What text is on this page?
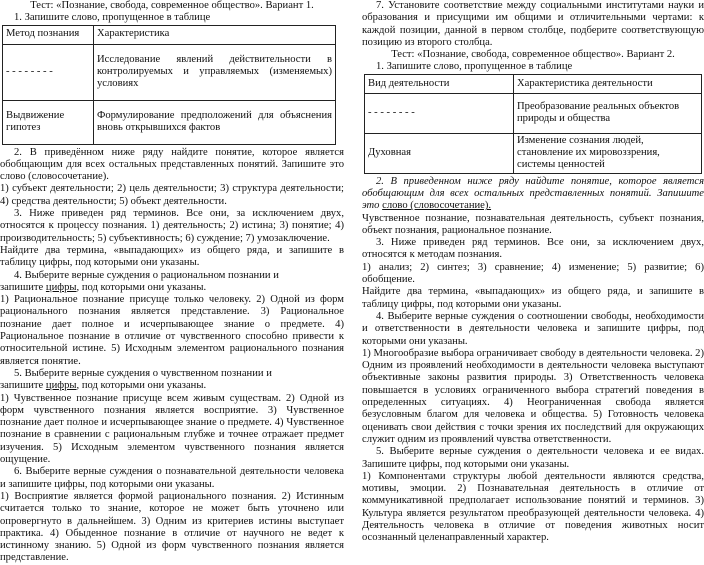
Тест: «Познание, свобода, современное общество». Вариант 1.

1. Запишите слово, пропущенное в таблице

Метод познания	Характеристика
- - - - - - - -	Исследование явлений действительности в контролируемых и управляемых (изменяемых) условиях
Выдвижение гипотез	Формулирование предположений для объяснения вновь открывшихся фактов

2. В приведённом ниже ряду найдите понятие, которое является обобщающим для всех остальных представленных понятий. Запишите это слово (словосочетание).

1) субъект деятельности; 2) цель деятельности; 3) структура деятельности; 4) средства деятельности; 5) объект деятельности.

3. Ниже приведен ряд терминов. Все они, за исключением двух, относятся к процессу познания. 1) деятельность; 2) истина; 3) понятие; 4) производительность; 5) субъективность; 6) суждение; 7) умозаключение.

Найдите два термина, «выпадающих» из общего ряда, и запишите в таблицу цифры, под которыми они указаны.

4. Выберите верные суждения о рациональном познании и

запишите цифры, под которыми они указаны.

1) Рациональное познание присуще только человеку. 2) Одной из форм рационального познания является представление. 3) Рациональное познание дает полное и исчерпывающее знание о предмете. 4) Рациональное познание в отличие от чувственного способно привести к относительной истине. 5) Исходным элементом рационального познания является понятие.

5. Выберите верные суждения о чувственном познании и

запишите цифры, под которыми они указаны.

1) Чувственное познание присуще всем живым существам. 2) Одной из форм чувственного познания является восприятие. 3) Чувственное познание дает полное и исчерпывающее знание о предмете. 4) Чувственное познание в сравнении с рациональным глубже и точнее отражает предмет изучения. 5) Исходным элементом чувственного познания является ощущение.

6. Выберите верные суждения о познавательной деятельности человека и запишите цифры, под которыми они указаны.

1) Восприятие является формой рационального познания. 2) Истинным считается только то знание, которое не может быть уточнено или опровергнуто в дальнейшем. 3) Одним из критериев истины выступает практика. 4) Обыденное познание в отличие от научного не ведет к истинному знанию. 5) Одной из форм чувственного познания является представление.

7. Установите соответствие между социальными институтами науки и образования и присущими им общими и отличительными чертами: к каждой позиции, данной в первом столбце, подберите соответствующую позицию из второго столбца.

Тест: «Познание, свобода, современное общество». Вариант 2.

1. Запишите слово, пропущенное в таблице

Вид деятельности	Характеристика деятельности
- - - - - - - -	Преобразование реальных объектов природы и общества
Духовная	Изменение сознания людей, становление их мировоззрения, системы ценностей

2. В приведенном ниже ряду найдите понятие, которое является обобщающим для всех остальных представленных понятий. Запишите это слово (словосочетание).

Чувственное познание, познавательная деятельность, субъект познания, объект познания, рациональное познание.

3. Ниже приведен ряд терминов. Все они, за исключением двух, относятся к методам познания.

1) анализ; 2) синтез; 3) сравнение; 4) изменение; 5) развитие; 6) обобщение.

Найдите два термина, «выпадающих» из общего ряда, и запишите в таблицу цифры, под которыми они указаны.

4. Выберите верные суждения о соотношении свободы, необходимости и ответственности в деятельности человека и запишите цифры, под которыми они указаны.

1) Многообразие выбора ограничивает свободу в деятельности человека. 2) Одним из проявлений необходимости в деятельности человека выступают объективные законы развития природы. 3) Ответственность человека повышается в условиях ограниченного выбора стратегий поведения в определенных ситуациях. 4) Неограниченная свобода является безусловным благом для человека и общества. 5) Готовность человека оценивать свои действия с точки зрения их последствий для окружающих служит одним из проявлений чувства ответственности.

5. Выберите верные суждения о деятельности человека и ее видах. Запишите цифры, под которыми они указаны.

1) Компонентами структуры любой деятельности являются средства, мотивы, эмоции. 2) Познавательная деятельность в отличие от коммуникативной предполагает использование понятий и терминов. 3) Культура является результатом преобразующей деятельности человека. 4) Деятельность человека в отличие от поведения животных носит осознанный целенаправленный характер.
